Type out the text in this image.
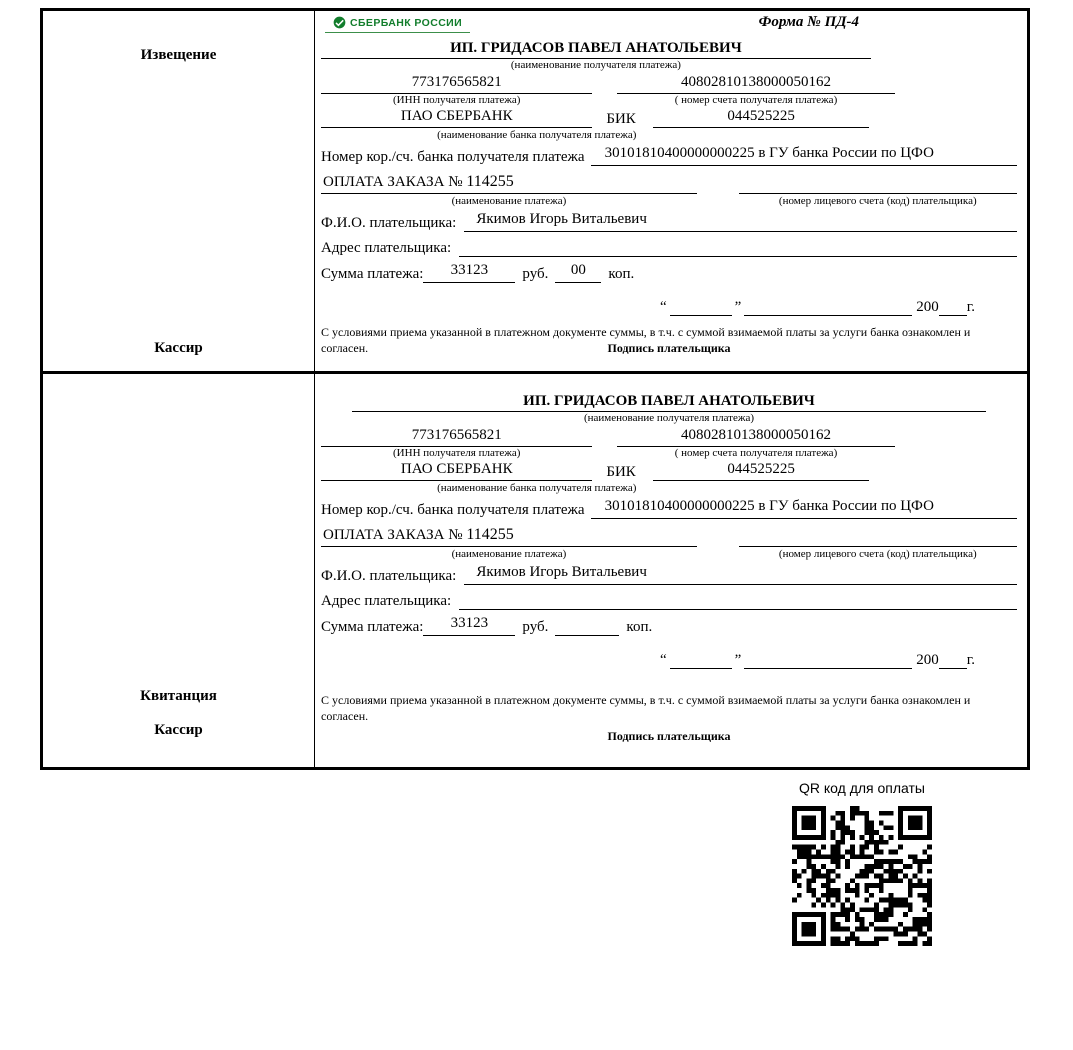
Извещение
Кассир
СБЕРБАНК РОССИИ	Форма № ПД-4
ИП. ГРИДАСОВ ПАВЕЛ АНАТОЛЬЕВИЧ
(наименование получателя платежа)
773176565821
(ИНН получателя платежа)
40802810138000050162
( номер счета получателя платежа)
ПАО СБЕРБАНК	БИК	044525225
(наименование банка получателя платежа)
Номер кор./сч. банка получателя платежа	30101810400000000225 в ГУ банка России по ЦФО
ОПЛАТА ЗАКАЗА № 114255
(наименование платежа)	(номер лицевого счета (код) плательщика)
Ф.И.О. плательщика:	Якимов Игорь Витальевич
Адрес плательщика:
Сумма платежа:	33123	руб.	00	коп.
“	”	200 г.
С условиями приема указанной в платежном документе суммы, в т.ч. с суммой взимаемой платы за услуги банка ознакомлен и согласен.	Подпись плательщика
Квитанция
Кассир
ИП. ГРИДАСОВ ПАВЕЛ АНАТОЛЬЕВИЧ
(наименование получателя платежа)
773176565821
(ИНН получателя платежа)
40802810138000050162
( номер счета получателя платежа)
ПАО СБЕРБАНК	БИК	044525225
(наименование банка получателя платежа)
Номер кор./сч. банка получателя платежа	30101810400000000225 в ГУ банка России по ЦФО
ОПЛАТА ЗАКАЗА № 114255
(наименование платежа)	(номер лицевого счета (код) плательщика)
Ф.И.О. плательщика:	Якимов Игорь Витальевич
Адрес плательщика:
Сумма платежа:	33123	руб.	коп.
“	”	200 г.
С условиями приема указанной в платежном документе суммы, в т.ч. с суммой взимаемой платы за услуги банка ознакомлен и согласен.
Подпись плательщика
QR код для оплаты
